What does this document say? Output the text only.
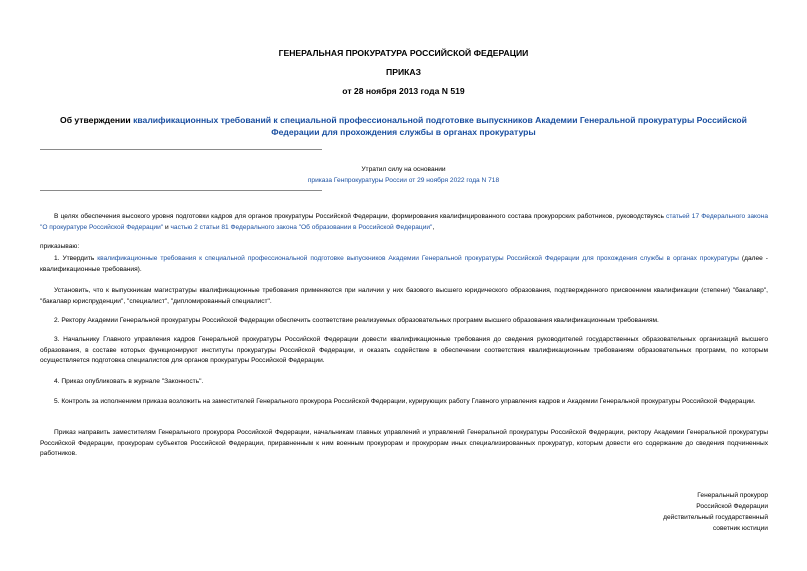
ГЕНЕРАЛЬНАЯ ПРОКУРАТУРА РОССИЙСКОЙ ФЕДЕРАЦИИ
ПРИКАЗ
от 28 ноября 2013 года N 519
Об утверждении квалификационных требований к специальной профессиональной подготовке выпускников Академии Генеральной прокуратуры Российской Федерации для прохождения службы в органах прокуратуры
Утратил силу на основании
приказа Генпрокуратуры России от 29 ноября 2022 года N 718
В целях обеспечения высокого уровня подготовки кадров для органов прокуратуры Российской Федерации, формирования квалифицированного состава прокурорских работников, руководствуясь статьей 17 Федерального закона "О прокуратуре Российской Федерации" и частью 2 статьи 81 Федерального закона "Об образовании в Российской Федерации",
приказываю:
1. Утвердить квалификационные требования к специальной профессиональной подготовке выпускников Академии Генеральной прокуратуры Российской Федерации для прохождения службы в органах прокуратуры (далее - квалификационные требования).
Установить, что к выпускникам магистратуры квалификационные требования применяются при наличии у них базового высшего юридического образования, подтвержденного присвоением квалификации (степени) "бакалавр", "бакалавр юриспруденции", "специалист", "дипломированный специалист".
2. Ректору Академии Генеральной прокуратуры Российской Федерации обеспечить соответствие реализуемых образовательных программ высшего образования квалификационным требованиям.
3. Начальнику Главного управления кадров Генеральной прокуратуры Российской Федерации довести квалификационные требования до сведения руководителей государственных образовательных организаций высшего образования, в составе которых функционируют институты прокуратуры Российской Федерации, и оказать содействие в обеспечении соответствия квалификационным требованиям образовательных программ, по которым осуществляется подготовка специалистов для органов прокуратуры Российской Федерации.
4. Приказ опубликовать в журнале "Законность".
5. Контроль за исполнением приказа возложить на заместителей Генерального прокурора Российской Федерации, курирующих работу Главного управления кадров и Академии Генеральной прокуратуры Российской Федерации.
Приказ направить заместителям Генерального прокурора Российской Федерации, начальникам главных управлений и управлений Генеральной прокуратуры Российской Федерации, ректору Академии Генеральной прокуратуры Российской Федерации, прокурорам субъектов Российской Федерации, приравненным к ним военным прокурорам и прокурорам иных специализированных прокуратур, которым довести его содержание до сведения подчиненных работников.
Генеральный прокурор
Российской Федерации
действительный государственный
советник юстиции
